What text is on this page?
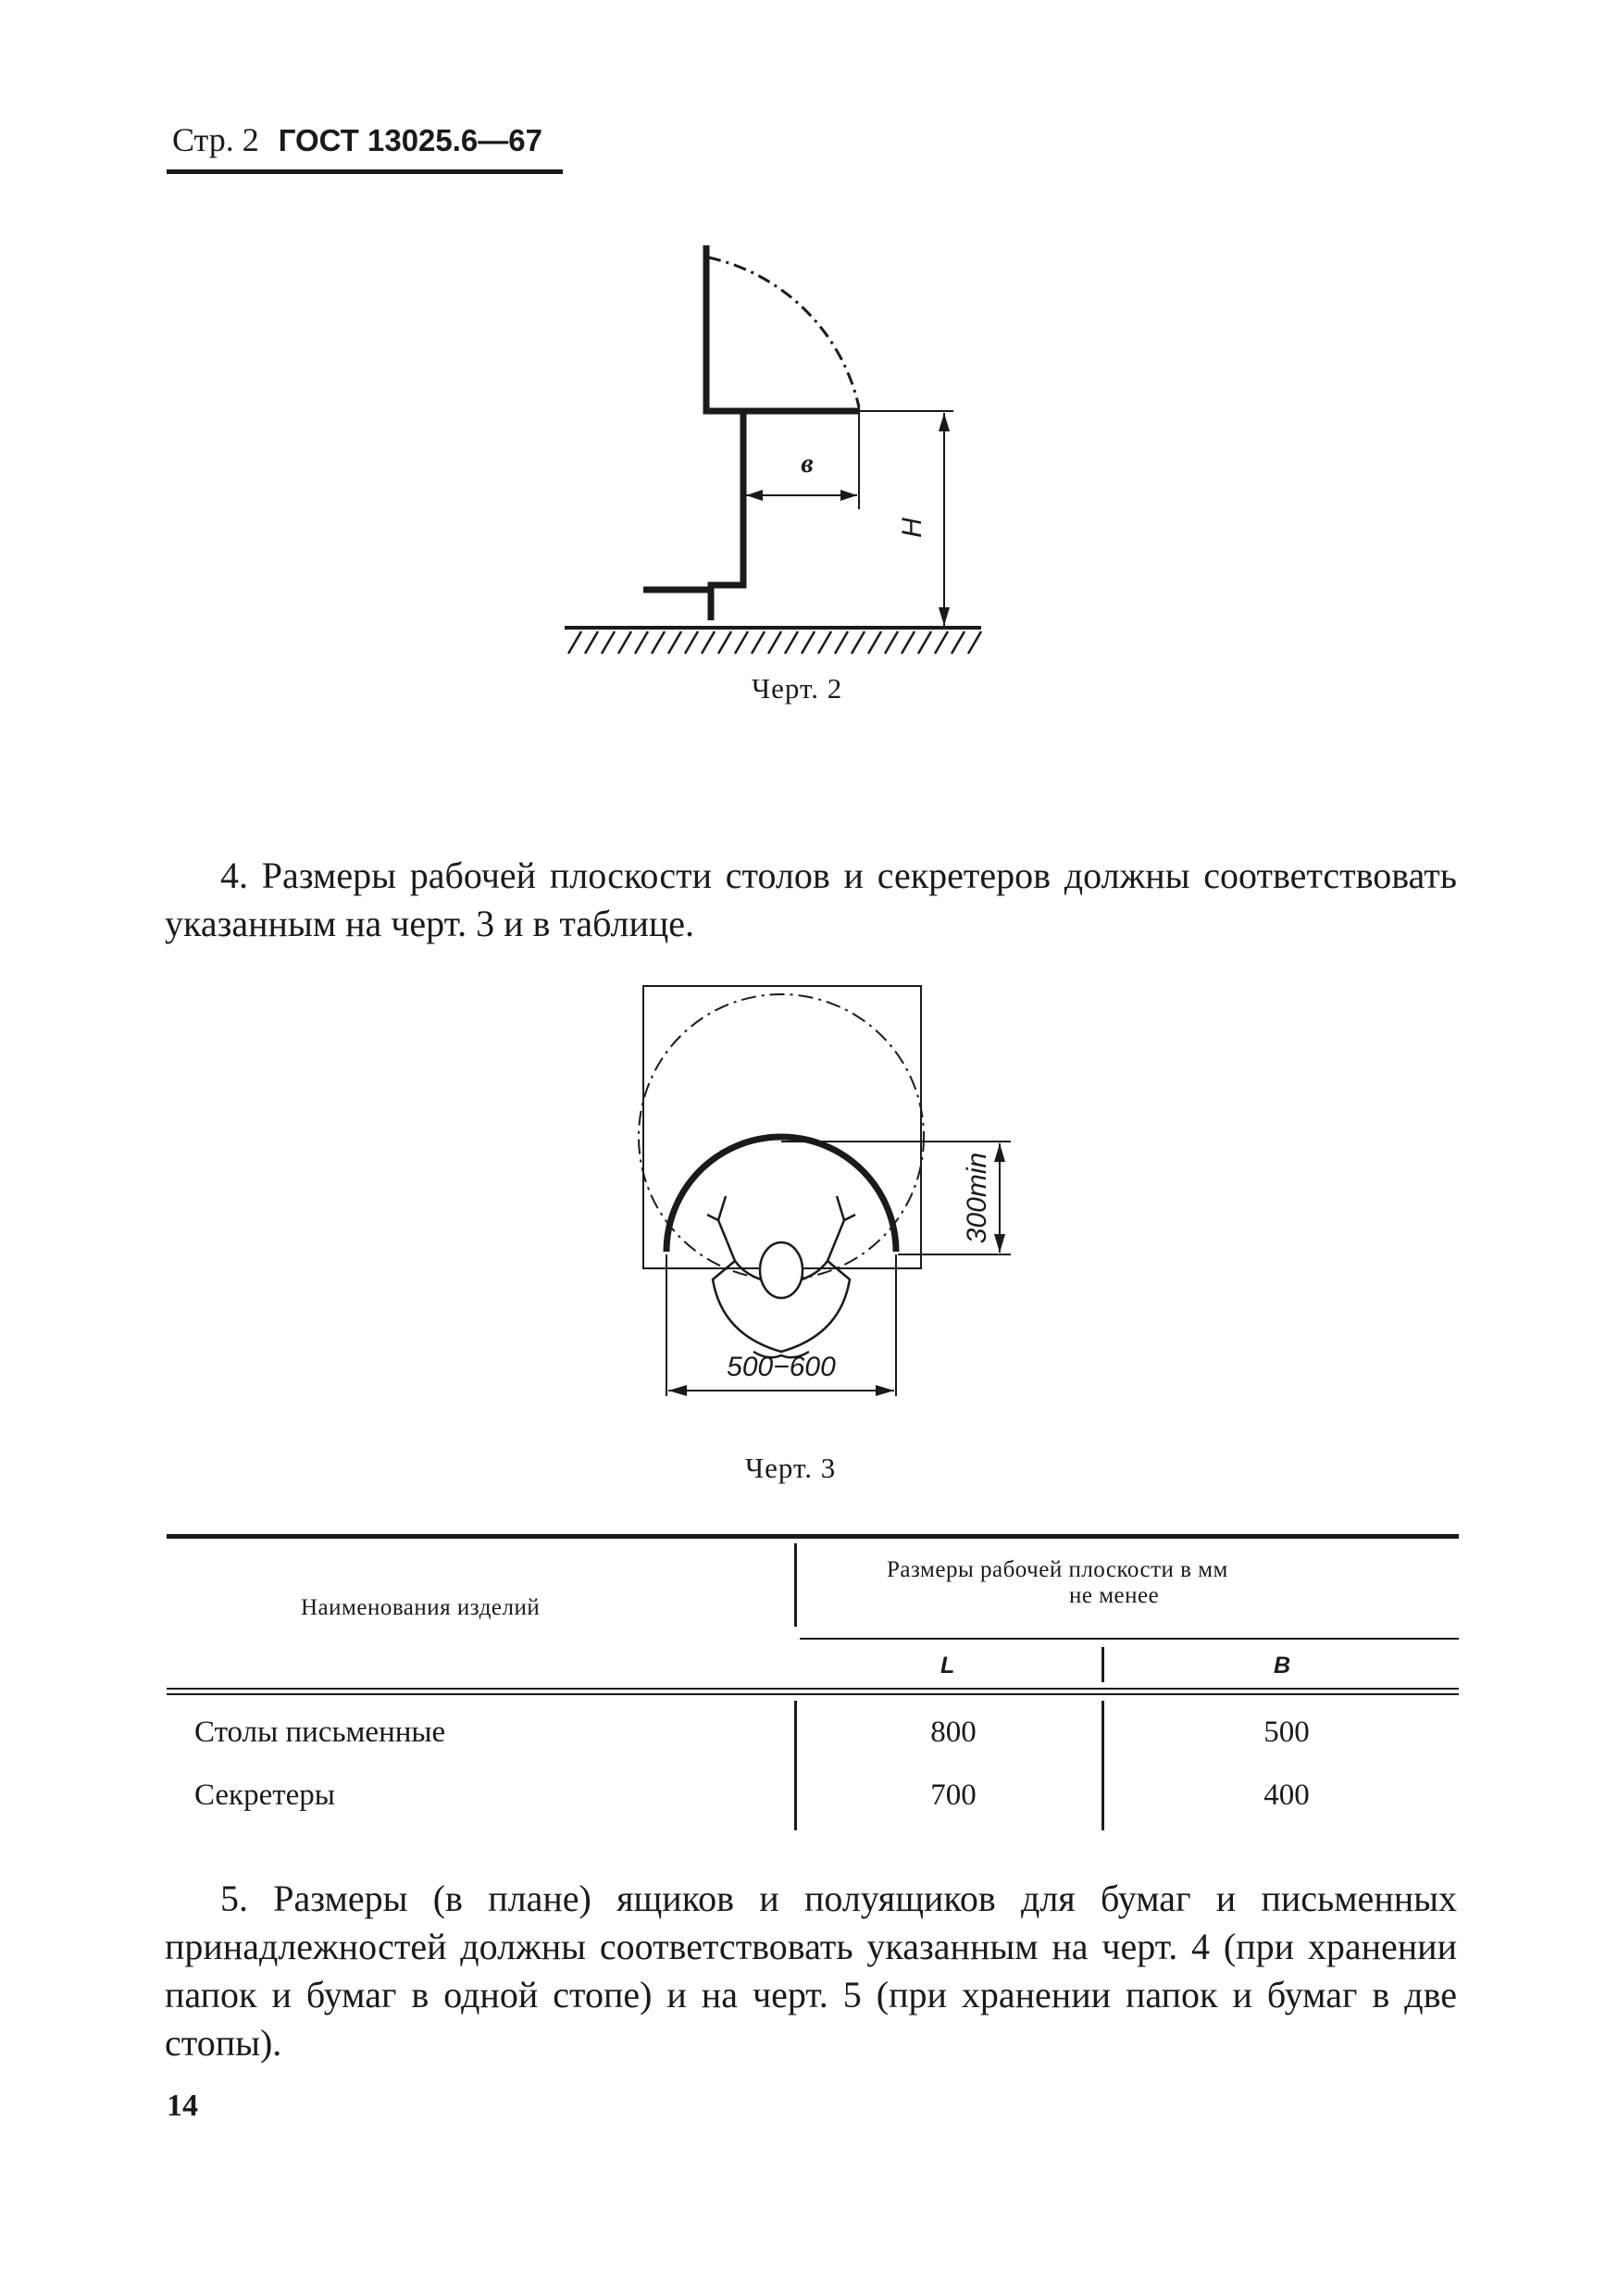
Стр. 2 ГОСТ 13025.6—67
в
H
Черт. 2
4. Размеры рабочей плоскости столов и секретеров должны соответствовать указанным на черт. 3 и в таблице.
300min
500−600
Черт. 3
Наименования изделий
Размеры рабочей плоскости в мм
не менее
L	B
Столы письменные	800	500
Секретеры	700	400
5. Размеры (в плане) ящиков и полуящиков для бумаг и письменных принадлежностей должны соответствовать указанным на черт. 4 (при хранении папок и бумаг в одной стопе) и на черт. 5 (при хранении папок и бумаг в две стопы).
14
